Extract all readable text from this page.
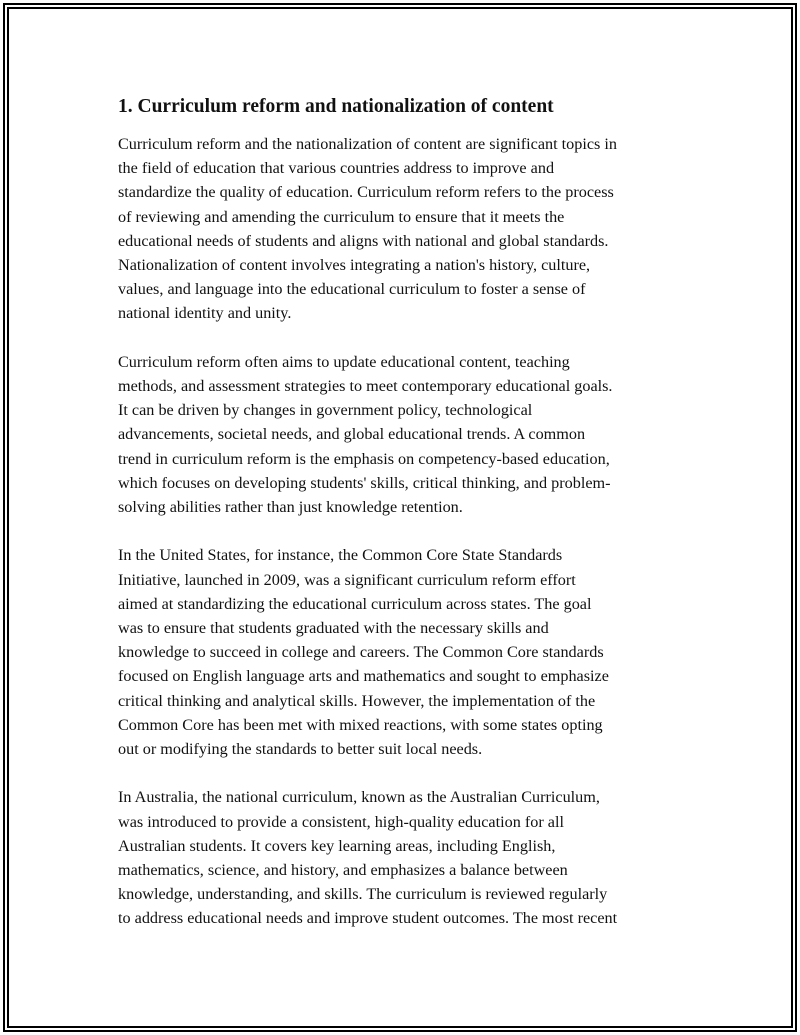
1. Curriculum reform and nationalization of content

Curriculum reform and the nationalization of content are significant topics in
the field of education that various countries address to improve and
standardize the quality of education. Curriculum reform refers to the process
of reviewing and amending the curriculum to ensure that it meets the
educational needs of students and aligns with national and global standards.
Nationalization of content involves integrating a nation's history, culture,
values, and language into the educational curriculum to foster a sense of
national identity and unity.

Curriculum reform often aims to update educational content, teaching
methods, and assessment strategies to meet contemporary educational goals.
It can be driven by changes in government policy, technological
advancements, societal needs, and global educational trends. A common
trend in curriculum reform is the emphasis on competency-based education,
which focuses on developing students' skills, critical thinking, and problem-
solving abilities rather than just knowledge retention.

In the United States, for instance, the Common Core State Standards
Initiative, launched in 2009, was a significant curriculum reform effort
aimed at standardizing the educational curriculum across states. The goal
was to ensure that students graduated with the necessary skills and
knowledge to succeed in college and careers. The Common Core standards
focused on English language arts and mathematics and sought to emphasize
critical thinking and analytical skills. However, the implementation of the
Common Core has been met with mixed reactions, with some states opting
out or modifying the standards to better suit local needs.

In Australia, the national curriculum, known as the Australian Curriculum,
was introduced to provide a consistent, high-quality education for all
Australian students. It covers key learning areas, including English,
mathematics, science, and history, and emphasizes a balance between
knowledge, understanding, and skills. The curriculum is reviewed regularly
to address educational needs and improve student outcomes. The most recent
